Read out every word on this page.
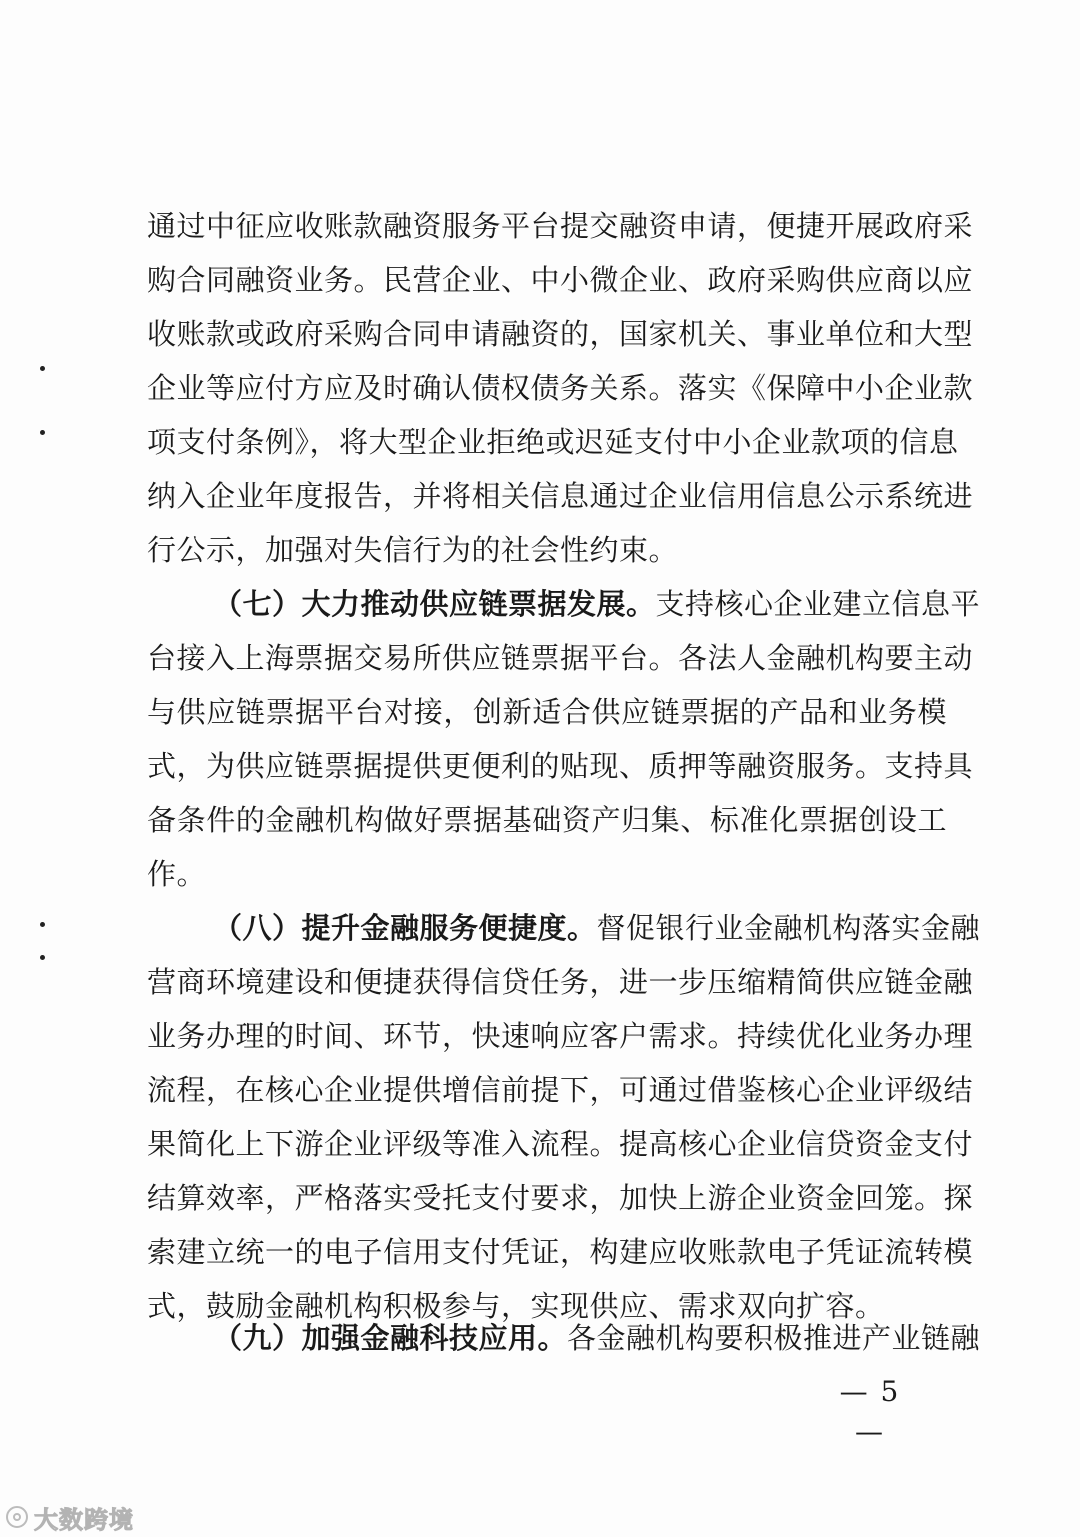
通过中征应收账款融资服务平台提交融资申请，便捷开展政府采
购合同融资业务。民营企业、中小微企业、政府采购供应商以应
收账款或政府采购合同申请融资的，国家机关、事业单位和大型
企业等应付方应及时确认债权债务关系。落实《保障中小企业款
项支付条例》，将大型企业拒绝或迟延支付中小企业款项的信息
纳入企业年度报告，并将相关信息通过企业信用信息公示系统进
行公示，加强对失信行为的社会性约束。
（七）大力推动供应链票据发展。支持核心企业建立信息平
台接入上海票据交易所供应链票据平台。各法人金融机构要主动
与供应链票据平台对接，创新适合供应链票据的产品和业务模
式，为供应链票据提供更便利的贴现、质押等融资服务。支持具
备条件的金融机构做好票据基础资产归集、标准化票据创设工
作。
（八）提升金融服务便捷度。督促银行业金融机构落实金融
营商环境建设和便捷获得信贷任务，进一步压缩精简供应链金融
业务办理的时间、环节，快速响应客户需求。持续优化业务办理
流程，在核心企业提供增信前提下，可通过借鉴核心企业评级结
果简化上下游企业评级等准入流程。提高核心企业信贷资金支付
结算效率，严格落实受托支付要求，加快上游企业资金回笼。探
索建立统一的电子信用支付凭证，构建应收账款电子凭证流转模
式，鼓励金融机构积极参与，实现供应、需求双向扩容。
（九）加强金融科技应用。各金融机构要积极推进产业链融
— 5 —
大数跨境
